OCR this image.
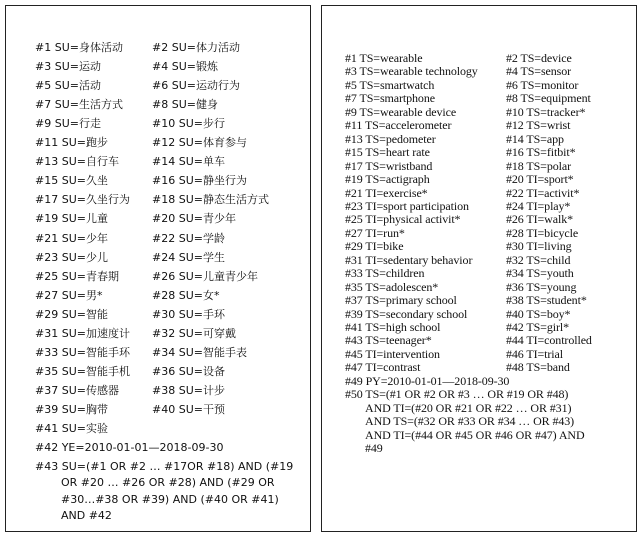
#1 SU=身体活动	#2 SU=体力活动
#3 SU=运动	#4 SU=锻炼
#5 SU=活动	#6 SU=运动行为
#7 SU=生活方式	#8 SU=健身
#9 SU=行走	#10 SU=步行
#11 SU=跑步	#12 SU=体育参与
#13 SU=自行车	#14 SU=单车
#15 SU=久坐	#16 SU=静坐行为
#17 SU=久坐行为 #18 SU=静态生活方式
#19 SU=儿童	#20 SU=青少年
#21 SU=少年	#22 SU=学龄
#23 SU=少儿	#24 SU=学生
#25 SU=青春期	#26 SU=儿童青少年
#27 SU=男*	#28 SU=女*
#29 SU=智能	#30 SU=手环
#31 SU=加速度计 #32 SU=可穿戴
#33 SU=智能手环 #34 SU=智能手表
#35 SU=智能手机 #36 SU=设备
#37 SU=传感器	#38 SU=计步
#39 SU=胸带	#40 SU=干预
#41 SU=实验
#42 YE=2010-01-01—2018-09-30
#43 SU=(#1 OR #2 … #17OR #18) AND (#19
OR #20 … #26 OR #28) AND (#29 OR
#30…#38 OR #39) AND (#40 OR #41)
AND #42
#1 TS=wearable	#2 TS=device
#3 TS=wearable technology #4 TS=sensor
#5 TS=smartwatch	#6 TS=monitor
#7 TS=smartphone	#8 TS=equipment
#9 TS=wearable device	#10 TS=tracker*
#11 TS=accelerometer	#12 TS=wrist
#13 TS=pedometer	#14 TS=app
#15 TS=heart rate	#16 TS=fitbit*
#17 TS=wristband	#18 TS=polar
#19 TS=actigraph	#20 TI=sport*
#21 TI=exercise*	#22 TI=activit*
#23 TI=sport participation	#24 TI=play*
#25 TI=physical activit*	#26 TI=walk*
#27 TI=run*	#28 TI=bicycle
#29 TI=bike	#30 TI=living
#31 TI=sedentary behavior	#32 TS=child
#33 TS=children	#34 TS=youth
#35 TS=adolescen*	#36 TS=young
#37 TS=primary school	#38 TS=student*
#39 TS=secondary school	#40 TS=boy*
#41 TS=high school	#42 TS=girl*
#43 TS=teenager*	#44 TI=controlled
#45 TI=intervention	#46 TI=trial
#47 TI=contrast	#48 TS=band
#49 PY=2010-01-01—2018-09-30
#50 TS=(#1 OR #2 OR #3 … OR #19 OR #48)
AND TI=(#20 OR #21 OR #22 … OR #31)
AND TS=(#32 OR #33 OR #34 … OR #43)
AND TI=(#44 OR #45 OR #46 OR #47) AND
#49
